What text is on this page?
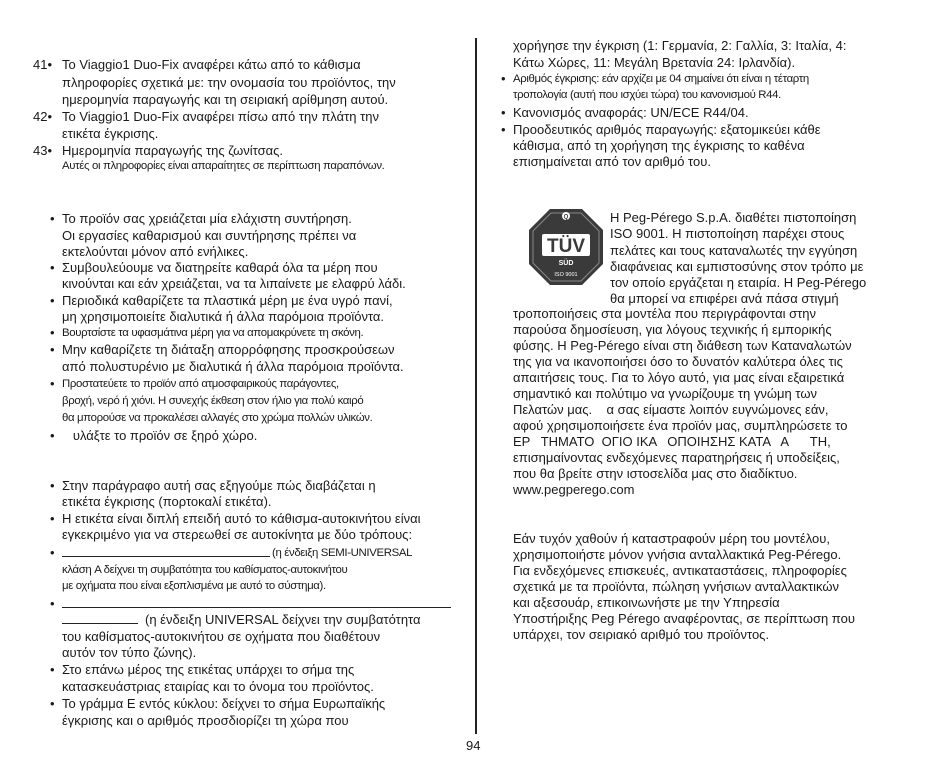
41• Το Viaggio1 Duo-Fix αναφέρει κάτω από το κάθισμα
πληροφορίες σχετικά με: την ονομασία του προϊόντος, την
ημερομηνία παραγωγής και τη σειριακή αρίθμηση αυτού.
42• Το Viaggio1 Duo-Fix αναφέρει πίσω από την πλάτη την
ετικέτα έγκρισης.
43• Ημερομηνία παραγωγής της ζωνίτσας.
Αυτές οι πληροφορίες είναι απαραίτητες σε περίπτωση παραπόνων.
• Το προϊόν σας χρειάζεται μία ελάχιστη συντήρηση.
Οι εργασίες καθαρισμού και συντήρησης πρέπει να
εκτελούνται μόνον από ενήλικες.
• Συμβουλεύουμε να διατηρείτε καθαρά όλα τα μέρη που
κινούνται και εάν χρειάζεται, να τα λιπαίνετε με ελαφρύ λάδι.
• Περιοδικά καθαρίζετε τα πλαστικά μέρη με ένα υγρό πανί,
μη χρησιμοποιείτε διαλυτικά ή άλλα παρόμοια προϊόντα.
• Βουρτσίστε τα υφασμάτινα μέρη για να απομακρύνετε τη σκόνη.
• Μην καθαρίζετε τη διάταξη απορρόφησης προσκρούσεων
από πολυστυρένιο με διαλυτικά ή άλλα παρόμοια προϊόντα.
• Προστατεύετε το προϊόν από ατμοσφαιρικούς παράγοντες,
βροχή, νερό ή χιόνι. Η συνεχής έκθεση στον ήλιο για πολύ καιρό
θα μπορούσε να προκαλέσει αλλαγές στο χρώμα πολλών υλικών.
• υλάξτε το προϊόν σε ξηρό χώρο.
• Στην παράγραφο αυτή σας εξηγούμε πώς διαβάζεται η
ετικέτα έγκρισης (πορτοκαλί ετικέτα).
• Η ετικέτα είναι διπλή επειδή αυτό το κάθισμα-αυτοκινήτου είναι
εγκεκριμένο για να στερεωθεί σε αυτοκίνητα με δύο τρόπους:
•	(η ένδειξη SEMI-UNIVERSAL
κλάση A δείχνει τη συμβατότητα του καθίσματος-αυτοκινήτου
με οχήματα που είναι εξοπλισμένα με αυτό το σύστημα).
•
(η ένδειξη UNIVERSAL δείχνει την συμβατότητα
του καθίσματος-αυτοκινήτου σε οχήματα που διαθέτουν
αυτόν τον τύπο ζώνης).
• Στο επάνω μέρος της ετικέτας υπάρχει το σήμα της
κατασκευάστριας εταιρίας και το όνομα του προϊόντος.
• Το γράμμα E εντός κύκλου: δείχνει το σήμα Ευρωπαϊκής
έγκρισης και ο αριθμός προσδιορίζει τη χώρα που
χορήγησε την έγκριση (1: Γερμανία, 2: Γαλλία, 3: Ιταλία, 4:
Κάτω Χώρες, 11: Μεγάλη Βρετανία 24: Ιρλανδία).
• Αριθμός έγκρισης: εάν αρχίζει με 04 σημαίνει ότι είναι η τέταρτη
τροπολογία (αυτή που ισχύει τώρα) του κανονισμού R44.
• Κανονισμός αναφοράς: UN/ECE R44/04.
• Προοδευτικός αριθμός παραγωγής: εξατομικεύει κάθε
κάθισμα, από τη χορήγηση της έγκρισης το καθένα
επισημαίνεται από τον αριθμό του.
Η Peg-Pérego S.p.A. διαθέτει πιστοποίηση
ISO 9001. Η πιστοποίηση παρέχει στους
πελάτες και τους καταναλωτές την εγγύηση
διαφάνειας και εμπιστοσύνης στον τρόπο με
τον οποίο εργάζεται η εταιρία. Η Peg-Pérego
θα μπορεί να επιφέρει ανά πάσα στιγμή
τροποποιήσεις στα μοντέλα που περιγράφονται στην
παρούσα δημοσίευση, για λόγους τεχνικής ή εμπορικής
φύσης. Η Peg-Pérego είναι στη διάθεση των Καταναλωτών
της για να ικανοποιήσει όσο το δυνατόν καλύτερα όλες τις
απαιτήσεις τους. Για το λόγο αυτό, για μας είναι εξαιρετικά
σημαντικό και πολύτιμο να γνωρίζουμε τη γνώμη των
Πελατών μας.    α σας είμαστε λοιπόν ευγνώμονες εάν,
αφού χρησιμοποιήσετε ένα προϊόν μας, συμπληρώσετε το
ΕΡ   ΤΗΜΑΤΟ  ΟΓΙΟ ΙΚΑ   ΟΠΟΙΗΣΗΣ ΚΑΤΑ   Α      ΤΗ,
επισημαίνοντας ενδεχόμενες παρατηρήσεις ή υποδείξεις,
που θα βρείτε στην ιστοσελίδα μας στο διαδίκτυο.
www.pegperego.com
Εάν τυχόν χαθούν ή καταστραφούν μέρη του μοντέλου,
χρησιμοποιήστε μόνον γνήσια ανταλλακτικά Peg-Pérego.
Για ενδεχόμενες επισκευές, αντικαταστάσεις, πληροφορίες
σχετικά με τα προϊόντα, πώληση γνήσιων ανταλλακτικών
και αξεσουάρ, επικοινωνήστε με την Υπηρεσία
Υποστήριξης Peg Pérego αναφέροντας, σε περίπτωση που
υπάρχει, τον σειριακό αριθμό του προϊόντος.
Q
TÜV
SÜD
ISO 9001
94
